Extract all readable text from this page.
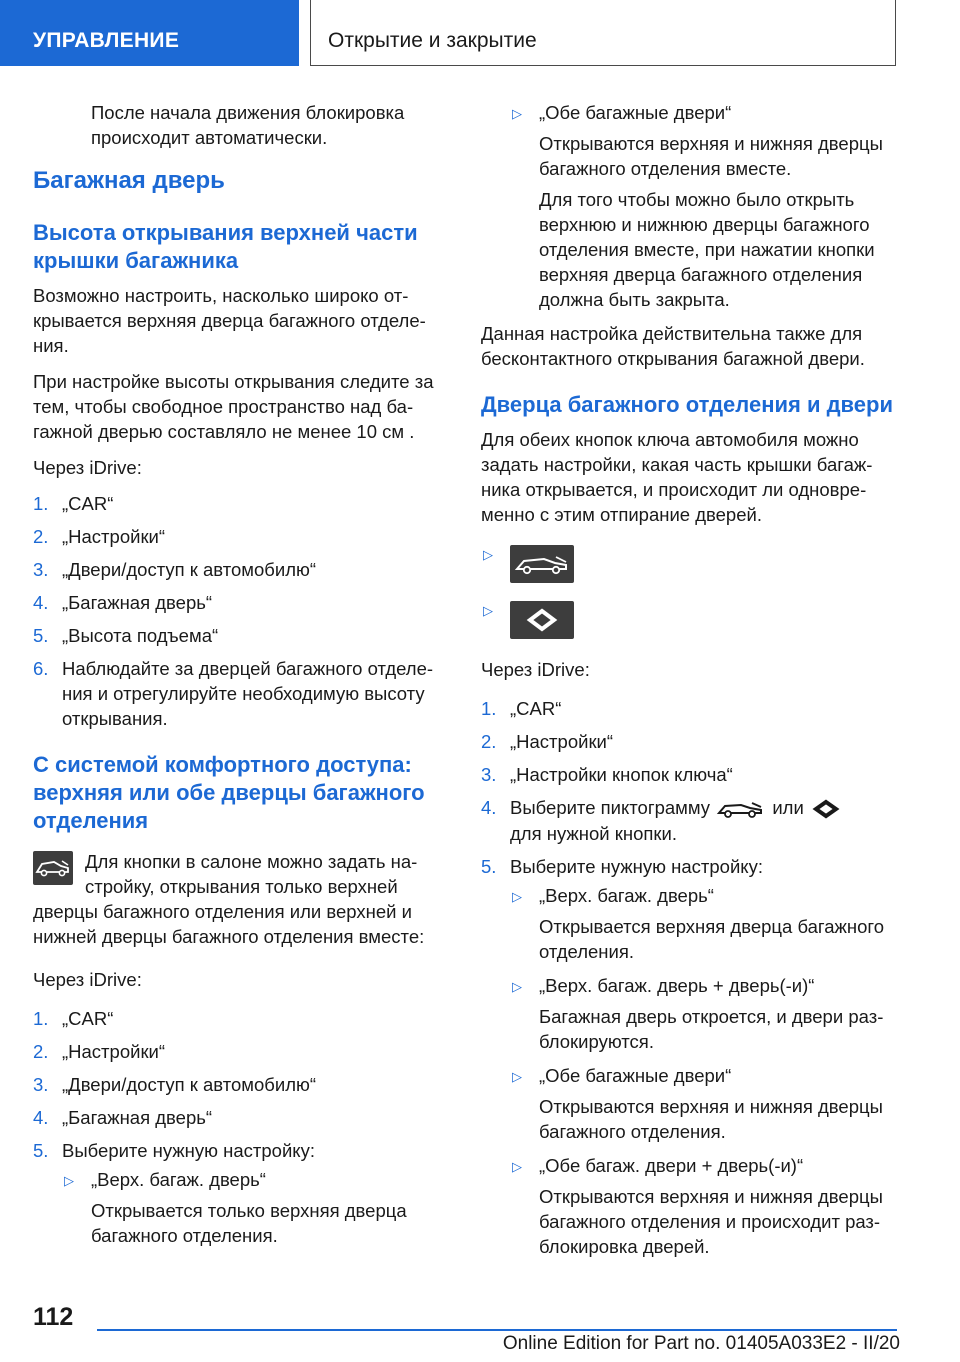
УПРАВЛЕНИЕ	Открытие и закрытие

После начала движения блокировка происходит автоматически.

Багажная дверь
Высота открывания верхней части крышки багажника

Возможно настроить, насколько широко открывается верхняя дверца багажного отделения.

При настройке высоты открывания следите за тем, чтобы свободное пространство над багажной дверью составляло не менее 10 см .

Через iDrive:

1. „CAR“
2. „Настройки“
3. „Двери/доступ к автомобилю“
4. „Багажная дверь“
5. „Высота подъема“
6. Наблюдайте за дверцей багажного отделения и отрегулируйте необходимую высоту открывания.
С системой комфортного доступа: верхняя или обе дверцы багажного отделения

Для кнопки в салоне можно задать настройку, открывания только верхней дверцы багажного отделения или верхней и нижней дверцы багажного отделения вместе:

Через iDrive:

1. „CAR“
2. „Настройки“
3. „Двери/доступ к автомобилю“
4. „Багажная дверь“
5. Выберите нужную настройку:
▷ „Верх. багаж. дверь“

Открывается только верхняя дверца багажного отделения.

▷ „Обе багажные двери“

Открываются верхняя и нижняя дверцы багажного отделения вместе.

Для того чтобы можно было открыть верхнюю и нижнюю дверцы багажного отделения вместе, при нажатии кнопки верхняя дверца багажного отделения должна быть закрыта.

Данная настройка действительна также для бесконтактного открывания багажной двери.

Дверца багажного отделения и двери

Для обеих кнопок ключа автомобиля можно задать настройки, какая часть крышки багажника открывается, и происходит ли одновременно с этим отпирание дверей.

▷
▷

Через iDrive:

1. „CAR“
2. „Настройки“
3. „Настройки кнопок ключа“
4. Выберите пиктограмму	или
для нужной кнопки.
5. Выберите нужную настройку:
▷ „Верх. багаж. дверь“

Открывается верхняя дверца багажного отделения.

▷ „Верх. багаж. дверь + дверь(-и)“

Багажная дверь откроется, и двери разблокируются.

▷ „Обе багажные двери“

Открываются верхняя и нижняя дверцы багажного отделения.

▷ „Обе багаж. двери + дверь(-и)“

Открываются верхняя и нижняя дверцы багажного отделения и происходит разблокировка дверей.

112
Online Edition for Part no. 01405A033E2 - II/20
